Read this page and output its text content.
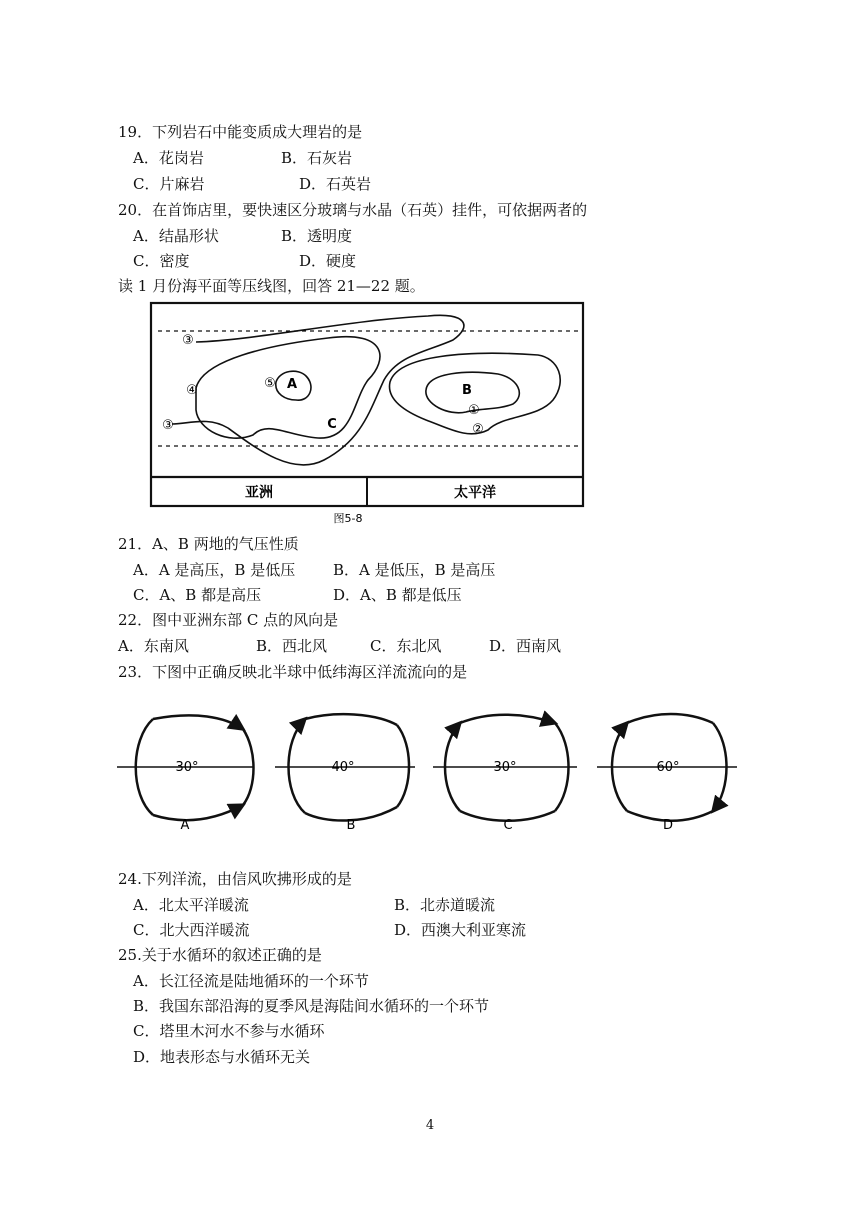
19．下列岩石中能变质成大理岩的是
A．花岗岩	B．石灰岩
C．片麻岩	D．石英岩
20．在首饰店里，要快速区分玻璃与水晶（石英）挂件，可依据两者的
A．结晶形状	B．透明度
C．密度	D．硬度
读 1 月份海平面等压线图，回答 21—22 题。
③
④	⑤
③
①
②
A	B
C
亚洲	太平洋
图5-8
21．A、B 两地的气压性质
A．A 是高压，B 是低压	B．A 是低压，B 是高压
C．A、B 都是高压	D．A、B 都是低压
22．图中亚洲东部 C 点的风向是
A．东南风	B．西北风	C．东北风	D．西南风
23．下图中正确反映北半球中低纬海区洋流流向的是
30°
A
40°
B
30°
C
60°
D
24.下列洋流，由信风吹拂形成的是
A．北太平洋暖流	B．北赤道暖流
C．北大西洋暖流	D．西澳大利亚寒流
25.关于水循环的叙述正确的是
A．长江径流是陆地循环的一个环节
B．我国东部沿海的夏季风是海陆间水循环的一个环节
C．塔里木河水不参与水循环
D．地表形态与水循环无关
4
